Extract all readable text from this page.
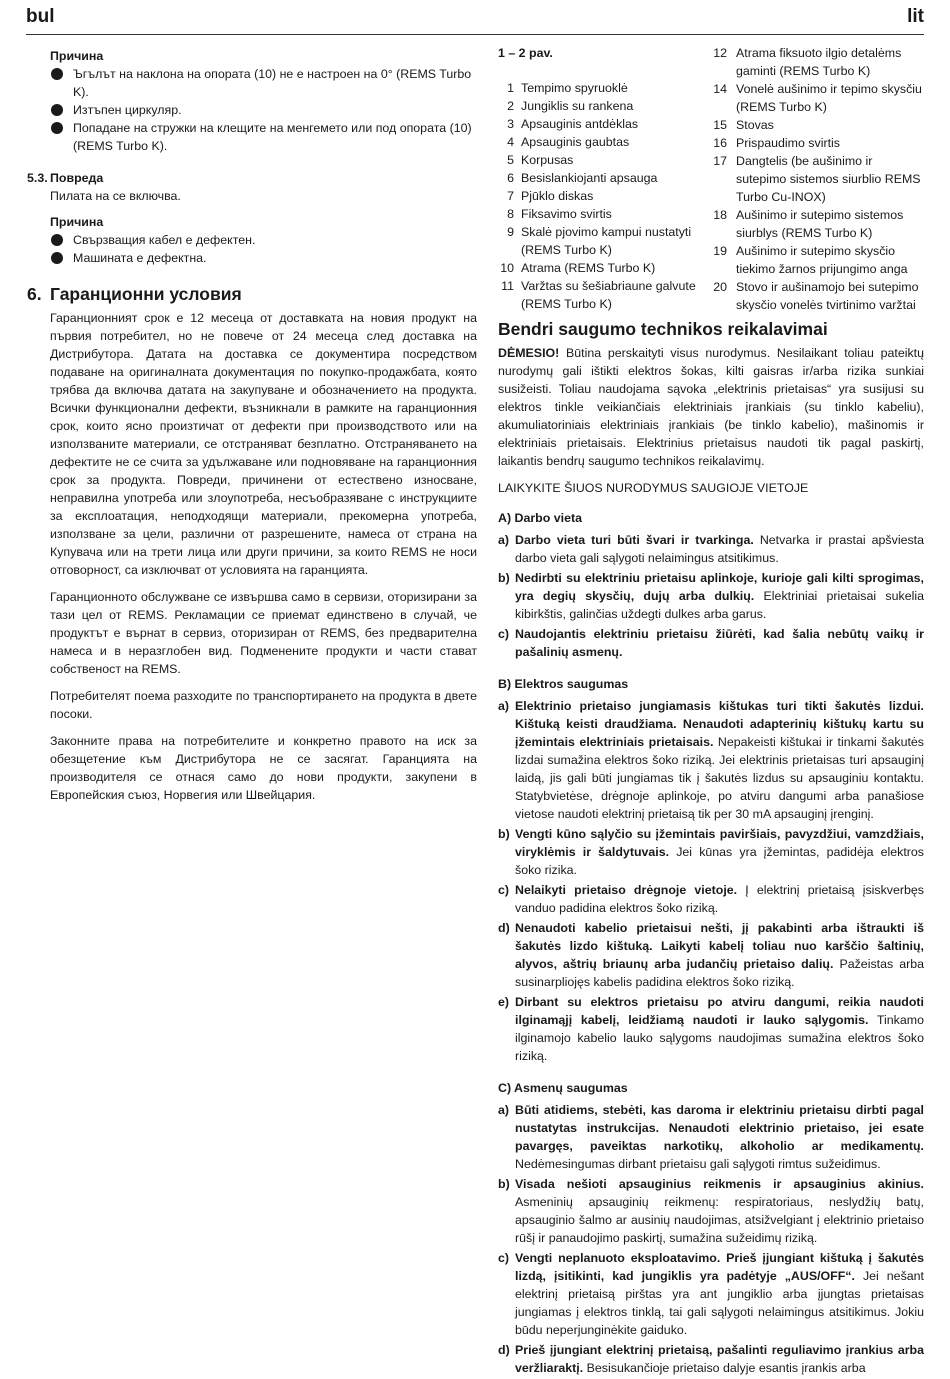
bul	lit
Причина
Ъгълът на наклона на опората (10) не е настроен на 0° (REMS Turbo K).
Изтъпен циркуляр.
Попадане на стружки на клещите на менгемето или под опората (10) (REMS Turbo K).
5.3. Повреда
Пилата на се включва.
Причина
Свързващия кабел е дефектен.
Машината е дефектна.
6. Гаранционни условия

Гаранционният срок е 12 месеца от доставката на новия продукт на първия потребител, но не повече от 24 месеца след доставка на Дистрибутора. Датата на доставка се документира посредством подаване на оригиналната документация по покупко-продажбата, която трябва да включва датата на закупуване и обозначението на продукта. Всички функционални дефекти, възникнали в рамките на гаранционния срок, които ясно произтичат от дефекти при производството или на използваните материали, се отстраняват безплатно. Отстраняването на дефектите не се счита за удължаване или подновяване на гаранционния срок за продукта. Повреди, причинени от естествено износване, неправилна употреба или злоупотреба, несъобразяване с инструкциите за експлоатация, неподходящи материали, прекомерна употреба, използване за цели, различни от разрешените, намеса от страна на Купувача или на трети лица или други причини, за които REMS не носи отговорност, са изключват от условията на гаранцията.

Гаранционното обслужване се извършва само в сервизи, оторизирани за тази цел от REMS. Рекламации се приемат единствено в случай, че продуктът е върнат в сервиз, оторизиран от REMS, без предварителна намеса и в неразглобен вид. Подменените продукти и части стават собственост на REMS.

Потребителят поема разходите по транспортирането на продукта в двете посоки.

Законните права на потребителите и конкретно правото на иск за обезщетение към Дистрибутора не се засягат. Гаранцията на производителя се отнася само до нови продукти, закупени в Европейския съюз, Норвегия или Швейцария.

1 – 2 pav.
1 Tempimo spyruoklė
2 Jungiklis su rankena
3 Apsauginis antdėklas
4 Apsauginis gaubtas
5 Korpusas
6 Besislankiojanti apsauga
7 Pjūklo diskas
8 Fiksavimo svirtis
9 Skalė pjovimo kampui nustatyti (REMS Turbo K)
10 Atrama (REMS Turbo K)
11 Varžtas su šešiabriaune galvute (REMS Turbo K)
12 Atrama fiksuoto ilgio detalėms gaminti (REMS Turbo K)
14 Vonelė aušinimo ir tepimo skysčiu (REMS Turbo K)
15 Stovas
16 Prispaudimo svirtis
17 Dangtelis (be aušinimo ir sutepimo sistemos siurblio REMS Turbo Cu-INOX)
18 Aušinimo ir sutepimo sistemos siurblys (REMS Turbo K)
19 Aušinimo ir sutepimo skysčio tiekimo žarnos prijungimo anga
20 Stovo ir aušinamojo bei sutepimo skysčio vonelės tvirtinimo varžtai
Bendri saugumo technikos reikalavimai

DĖMESIO! Būtina perskaityti visus nurodymus. Nesilaikant toliau pateiktų nurodymų gali ištikti elektros šokas, kilti gaisras ir/arba rizika sunkiai susižeisti. Toliau naudojama sąvoka „elektrinis prietaisas“ yra susijusi su elektros tinkle veikiančiais elektriniais įrankiais (su tinklo kabeliu), akumuliatoriniais elektriniais įrankiais (be tinklo kabelio), mašinomis ir elektriniais prietaisais. Elektrinius prietaisus naudoti tik pagal paskirtį, laikantis bendrų saugumo technikos reikalavimų.

LAIKYKITE ŠIUOS NURODYMUS SAUGIOJE VIETOJE
A) Darbo vieta
a) Darbo vieta turi būti švari ir tvarkinga. Netvarka ir prastai apšviesta darbo vieta gali sąlygoti nelaimingus atsitikimus.
b) Nedirbti su elektriniu prietaisu aplinkoje, kurioje gali kilti sprogimas, yra degių skysčių, dujų arba dulkių. Elektriniai prietaisai sukelia kibirkštis, galinčias uždegti dulkes arba garus.
c) Naudojantis elektriniu prietaisu žiūrėti, kad šalia nebūtų vaikų ir pašalinių asmenų.
B) Elektros saugumas
a) Elektrinio prietaiso jungiamasis kištukas turi tikti šakutės lizdui. Kištuką keisti draudžiama. Nenaudoti adapterinių kištukų kartu su įžemintais elektriniais prietaisais. Nepakeisti kištukai ir tinkami šakutės lizdai sumažina elektros šoko riziką. Jei elektrinis prietaisas turi apsauginį laidą, jis gali būti jungiamas tik į šakutės lizdus su apsauginiu kontaktu. Statybvietėse, drėgnoje aplinkoje, po atviru dangumi arba panašiose vietose naudoti elektrinį prietaisą tik per 30 mA apsauginį įrenginį.
b) Vengti kūno sąlyčio su įžemintais paviršiais, pavyzdžiui, vamzdžiais, viryklėmis ir šaldytuvais. Jei kūnas yra įžemintas, padidėja elektros šoko rizika.
c) Nelaikyti prietaiso drėgnoje vietoje. Į elektrinį prietaisą įsiskverbęs vanduo padidina elektros šoko riziką.
d) Nenaudoti kabelio prietaisui nešti, jį pakabinti arba ištraukti iš šakutės lizdo kištuką. Laikyti kabelį toliau nuo karščio šaltinių, alyvos, aštrių briaunų arba judančių prietaiso dalių. Pažeistas arba susinarpliojęs kabelis padidina elektros šoko riziką.
e) Dirbant su elektros prietaisu po atviru dangumi, reikia naudoti ilginamąjį kabelį, leidžiamą naudoti ir lauko sąlygomis. Tinkamo ilginamojo kabelio lauko sąlygoms naudojimas sumažina elektros šoko riziką.
C) Asmenų saugumas
a) Būti atidiems, stebėti, kas daroma ir elektriniu prietaisu dirbti pagal nustatytas instrukcijas. Nenaudoti elektrinio prietaiso, jei esate pavargęs, paveiktas narkotikų, alkoholio ar medikamentų. Nedėmesingumas dirbant prietaisu gali sąlygoti rimtus sužeidimus.
b) Visada nešioti apsauginius reikmenis ir apsauginius akinius. Asmeninių apsauginių reikmenų: respiratoriaus, neslydžių batų, apsauginio šalmo ar ausinių naudojimas, atsižvelgiant į elektrinio prietaiso rūšį ir panaudojimo paskirtį, sumažina sužeidimų riziką.
c) Vengti neplanuoto eksploatavimo. Prieš įjungiant kištuką į šakutės lizdą, įsitikinti, kad jungiklis yra padėtyje „AUS/OFF“. Jei nešant elektrinį prietaisą pirštas yra ant jungiklio arba įjungtas prietaisas jungiamas į elektros tinklą, tai gali sąlygoti nelaimingus atsitikimus. Jokiu būdu neperjunginėkite gaiduko.
d) Prieš įjungiant elektrinį prietaisą, pašalinti reguliavimo įrankius arba veržliaraktį. Besisukančioje prietaiso dalyje esantis įrankis arba
